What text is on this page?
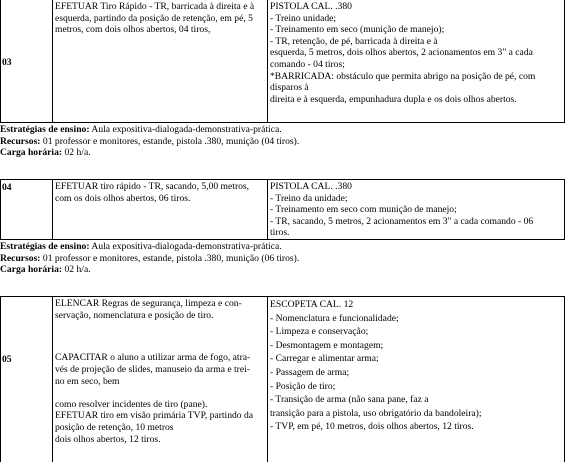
03
EFETUAR Tiro Rápido - TR, barricada à direita e à
esquerda, partindo da posição de retenção, em pé, 5
metros, com dois olhos abertos, 04 tiros,
PISTOLA CAL. .380
- Treino unidade;
- Treinamento em seco (munição de manejo);
- TR, retenção, de pé, barricada à direita e à
esquerda, 5 metros, dois olhos abertos, 2 acionamentos em 3" a cada
comando - 04 tiros;
*BARRICADA: obstáculo que permita abrigo na posição de pé, com
disparos à
direita e à esquerda, empunhadura dupla e os dois olhos abertos.
Estratégias de ensino: Aula expositiva-dialogada-demonstrativa-prática.
Recursos: 01 professor e monitores, estande, pistola .380, munição (04 tiros).
Carga horária: 02 h/a.
04	EFETUAR tiro rápido - TR, sacando, 5,00 metros,
com os dois olhos abertos, 06 tiros.
PISTOLA CAL. .380
- Treino da unidade;
- Treinamento em seco com munição de manejo;
- TR, sacando, 5 metros, 2 acionamentos em 3" a cada comando - 06
tiros.
Estratégias de ensino: Aula expositiva-dialogada-demonstrativa-prática.
Recursos: 01 professor e monitores, estande, pistola .380, munição (06 tiros).
Carga horária: 02 h/a.
05
ELENCAR Regras de segurança, limpeza e con-
servação, nomenclatura e posição de tiro.
CAPACITAR o aluno a utilizar arma de fogo, atra-
vés de projeção de slides, manuseio da arma e trei-
no em seco, bem
como resolver incidentes de tiro (pane).
EFETUAR tiro em visão primária TVP, partindo da
posição de retenção, 10 metros
dois olhos abertos, 12 tiros.
ESCOPETA CAL. 12
- Nomenclatura e funcionalidade;
- Limpeza e conservação;
- Desmontagem e montagem;
- Carregar e alimentar arma;
- Passagem de arma;
- Posição de tiro;
- Transição de arma (não sana pane, faz a
transição para a pistola, uso obrigatório da bandoleira);
- TVP, em pé, 10 metros, dois olhos abertos, 12 tiros.
